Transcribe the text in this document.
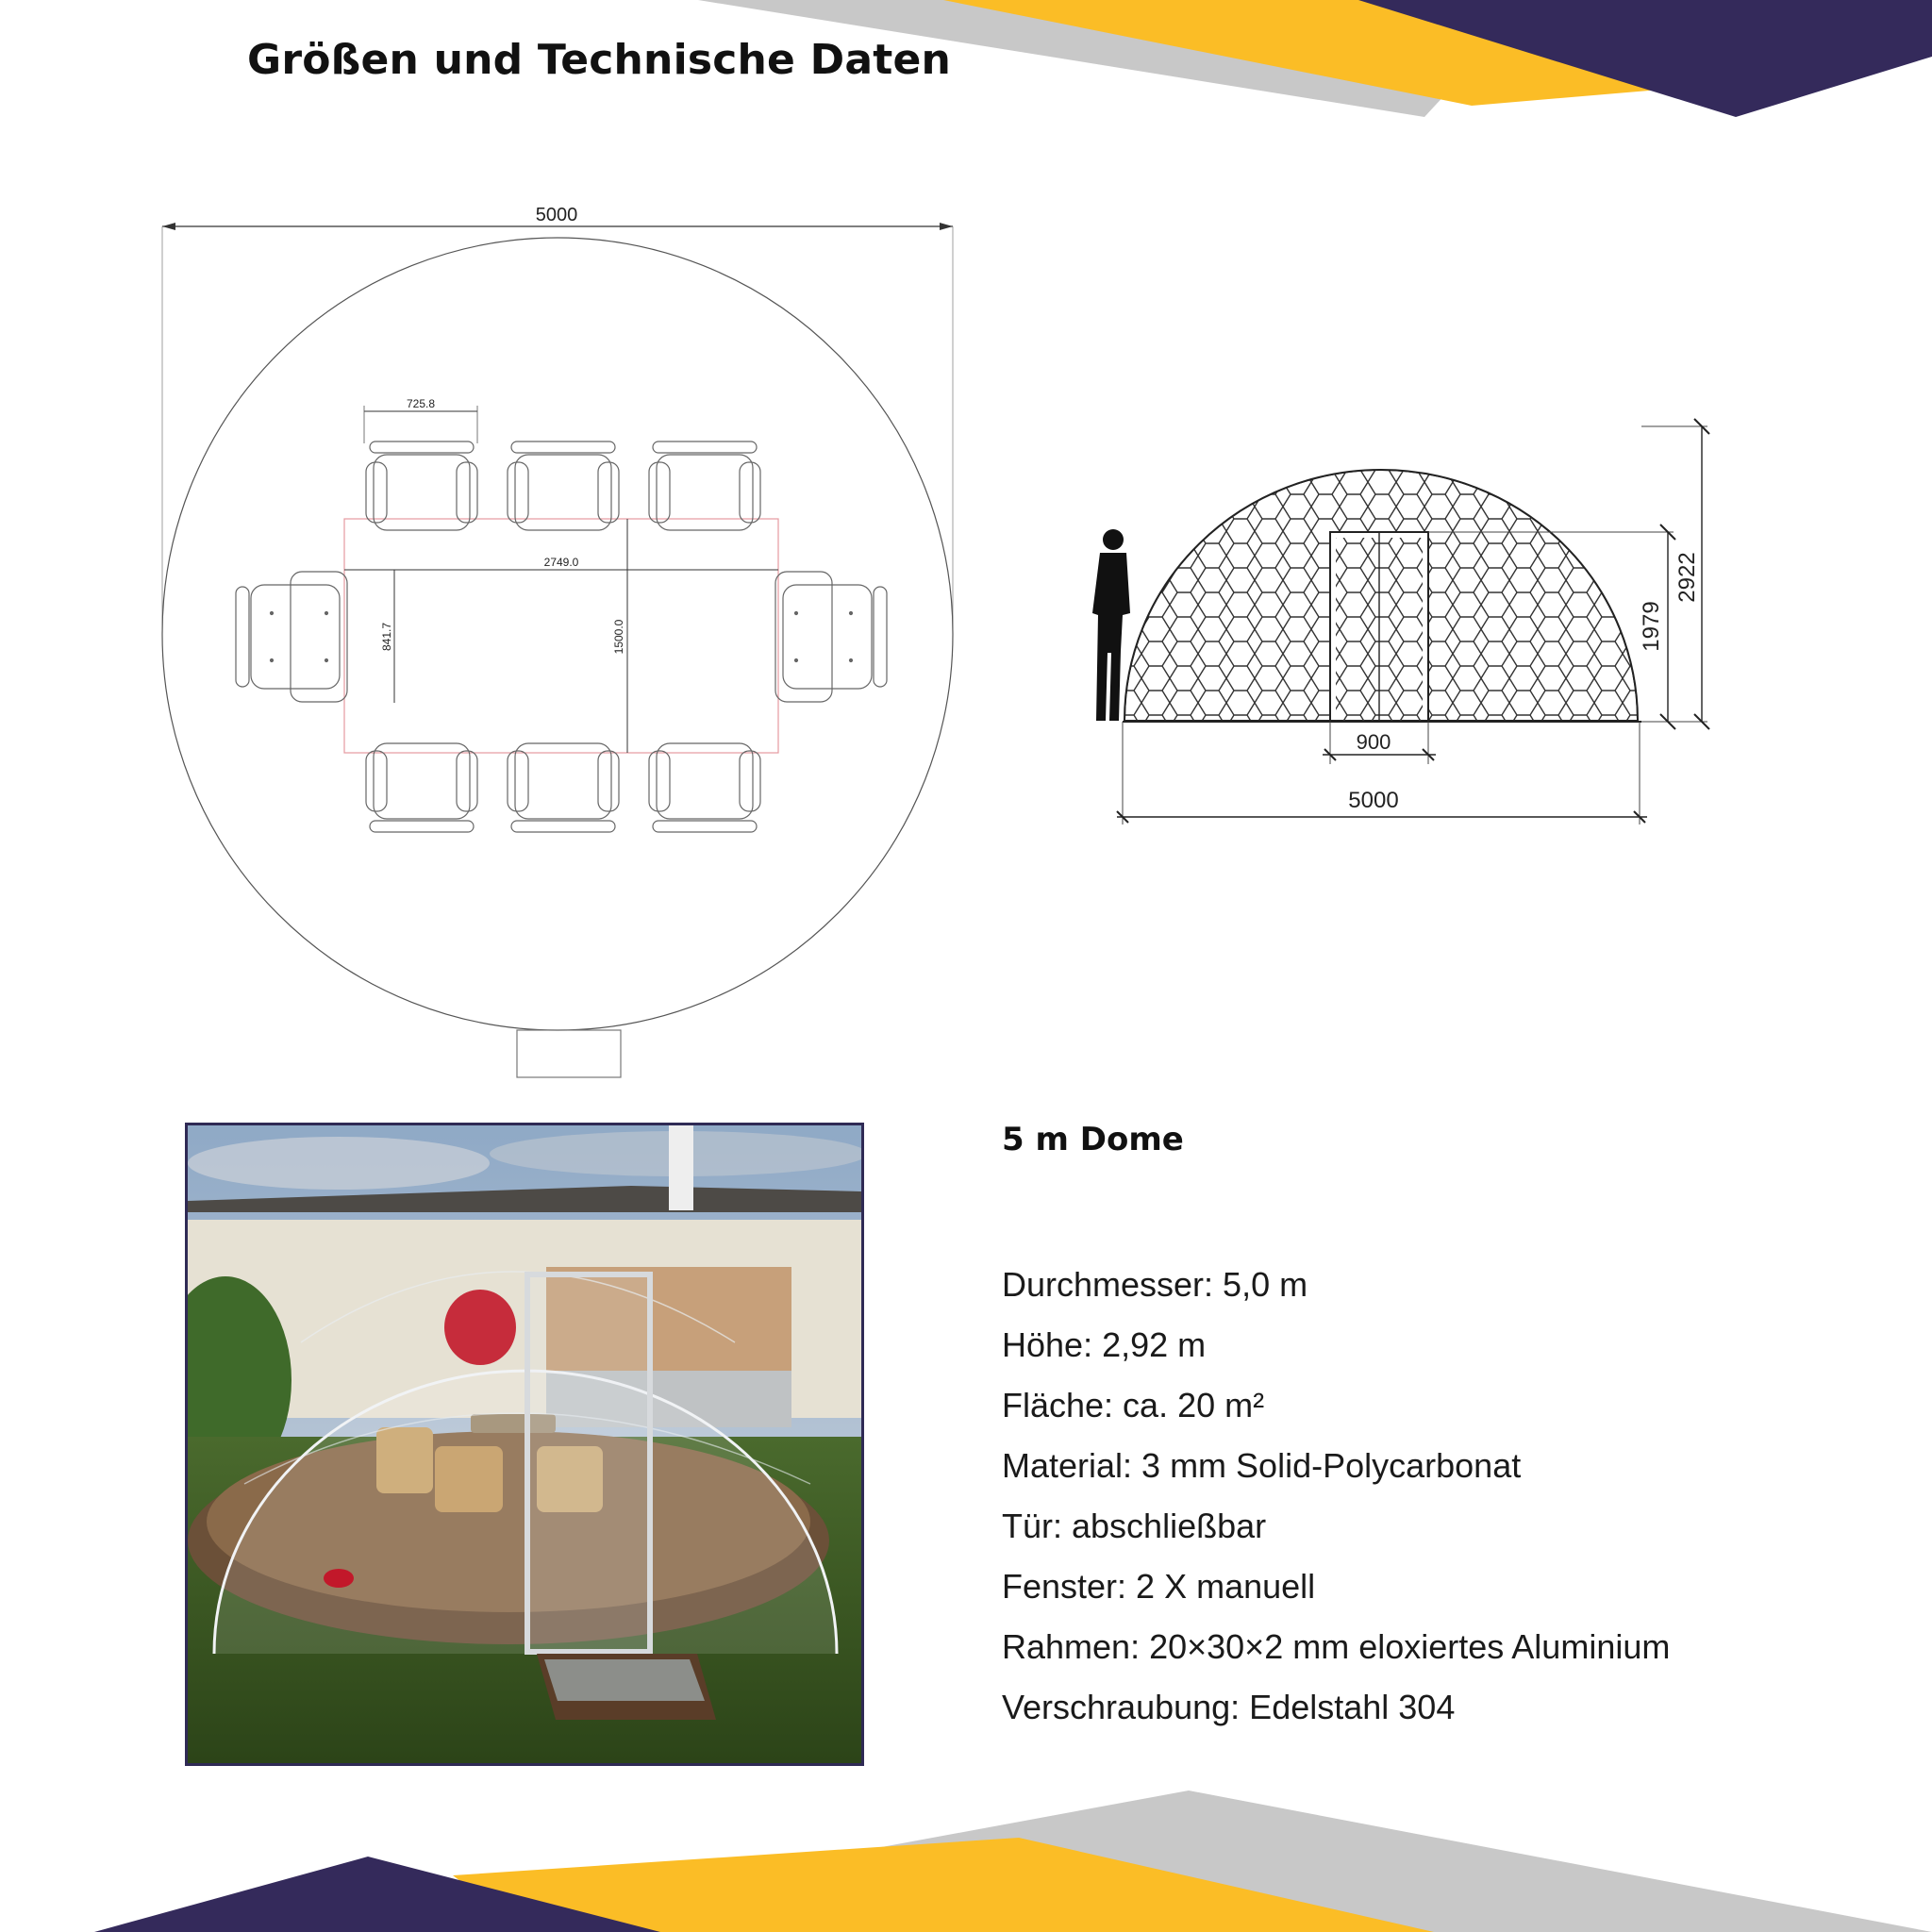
Größen und Technische Daten
5000
725.8
2749.0
841.7	1500.0
2922
1979
900
5000
5 m Dome
Durchmesser: 5,0 m
Höhe: 2,92 m
Fläche: ca. 20 m²
Material: 3 mm Solid-Polycarbonat
Tür: abschließbar
Fenster: 2 X manuell
Rahmen: 20×30×2 mm eloxiertes Aluminium
Verschraubung: Edelstahl 304
